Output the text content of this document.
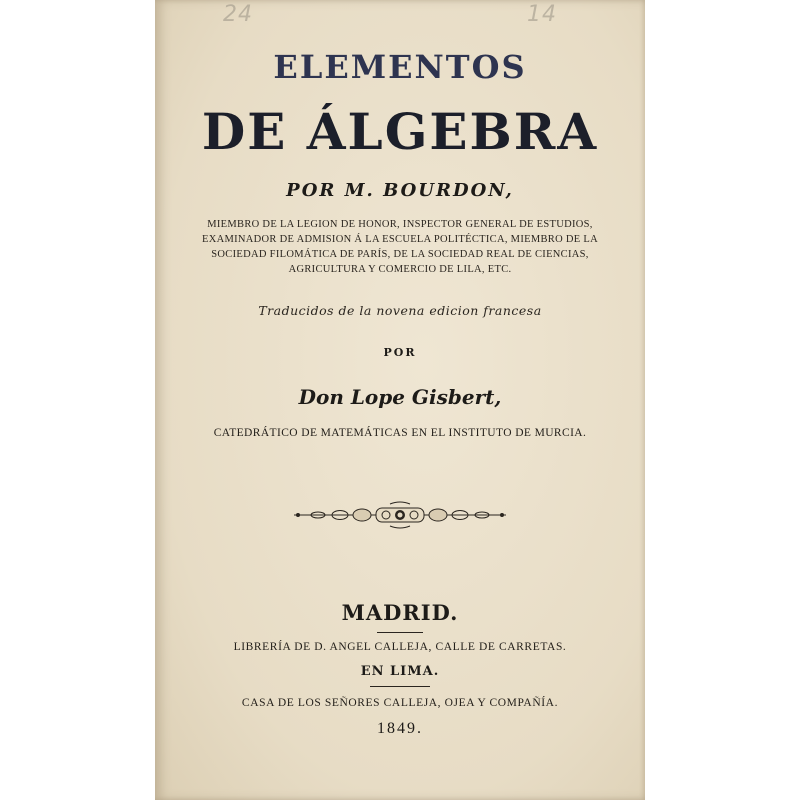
24	14
ELEMENTOS
DE ÁLGEBRA
POR M. BOURDON,
MIEMBRO DE LA LEGION DE HONOR, INSPECTOR GENERAL DE ESTUDIOS,
EXAMINADOR DE ADMISION Á LA ESCUELA POLITÉCTICA, MIEMBRO DE LA
SOCIEDAD FILOMÁTICA DE PARÍS, DE LA SOCIEDAD REAL DE CIENCIAS,
AGRICULTURA Y COMERCIO DE LILA, ETC.
Traducidos de la novena edicion francesa
POR
Don Lope Gisbert,
CATEDRÁTICO DE MATEMÁTICAS EN EL INSTITUTO DE MURCIA.
MADRID.
LIBRERÍA DE D. ANGEL CALLEJA, CALLE DE CARRETAS.
EN LIMA.
CASA DE LOS SEÑORES CALLEJA, OJEA Y COMPAÑÍA.
1849.
